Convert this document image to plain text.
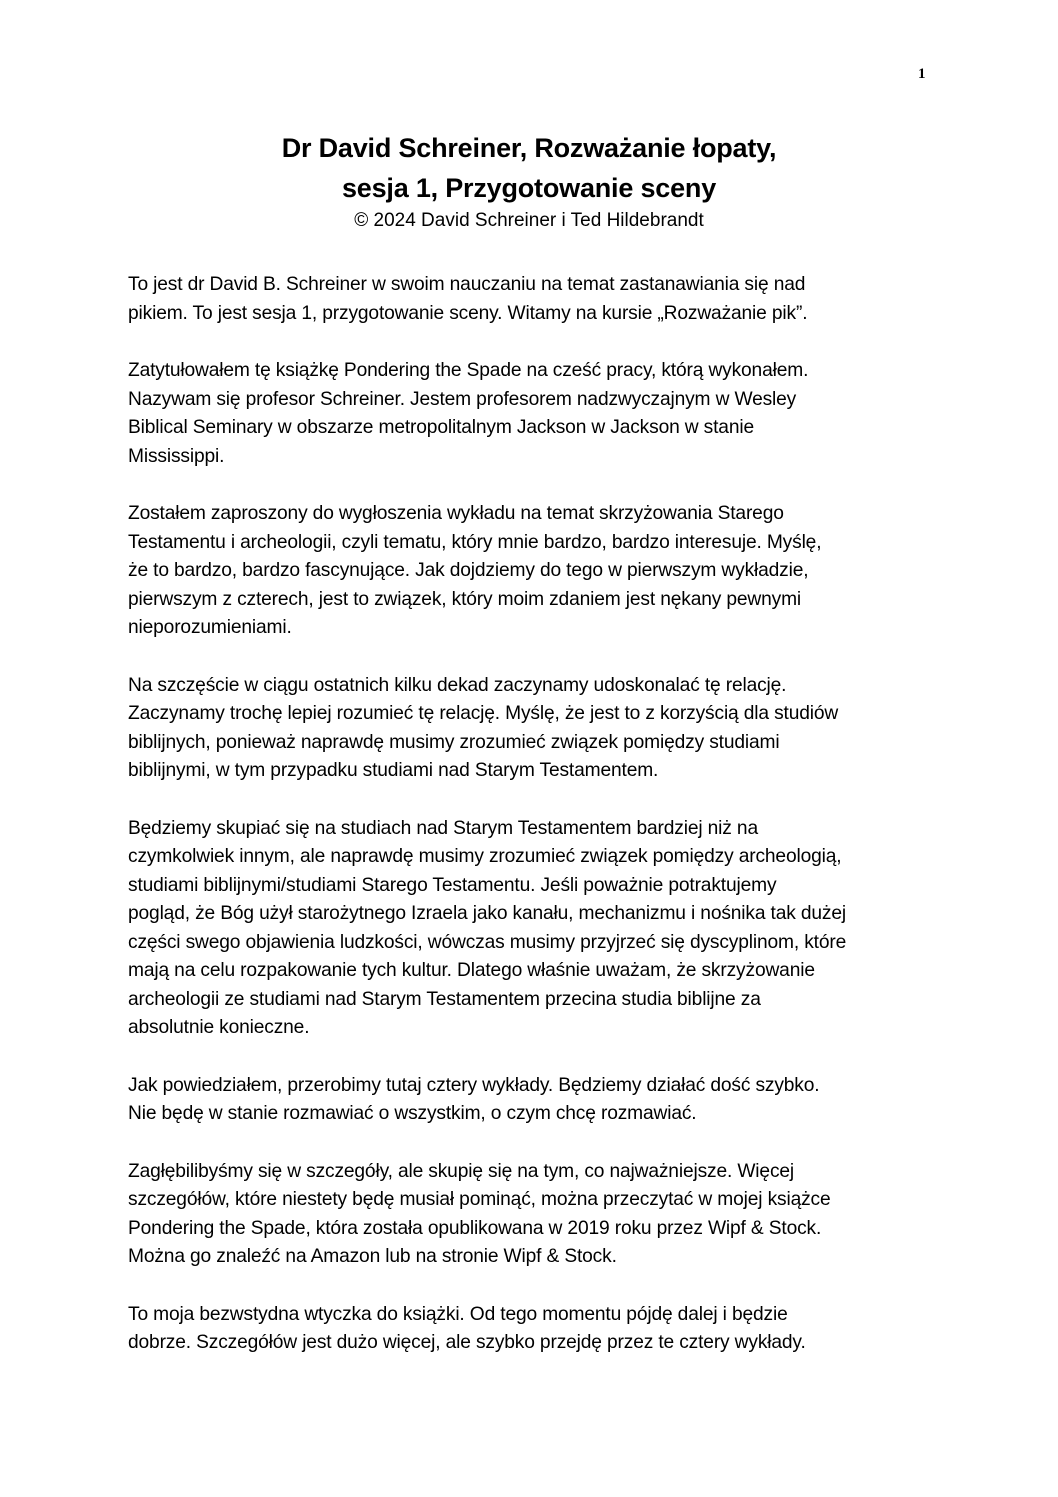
1
Dr David Schreiner, Rozważanie łopaty,
sesja 1, Przygotowanie sceny
© 2024 David Schreiner i Ted Hildebrandt
To jest dr David B. Schreiner w swoim nauczaniu na temat zastanawiania się nad
pikiem. To jest sesja 1, przygotowanie sceny. Witamy na kursie „Rozważanie pik”.
Zatytułowałem tę książkę Pondering the Spade na cześć pracy, którą wykonałem.
Nazywam się profesor Schreiner. Jestem profesorem nadzwyczajnym w Wesley
Biblical Seminary w obszarze metropolitalnym Jackson w Jackson w stanie
Mississippi.
Zostałem zaproszony do wygłoszenia wykładu na temat skrzyżowania Starego
Testamentu i archeologii, czyli tematu, który mnie bardzo, bardzo interesuje. Myślę,
że to bardzo, bardzo fascynujące. Jak dojdziemy do tego w pierwszym wykładzie,
pierwszym z czterech, jest to związek, który moim zdaniem jest nękany pewnymi
nieporozumieniami.
Na szczęście w ciągu ostatnich kilku dekad zaczynamy udoskonalać tę relację.
Zaczynamy trochę lepiej rozumieć tę relację. Myślę, że jest to z korzyścią dla studiów
biblijnych, ponieważ naprawdę musimy zrozumieć związek pomiędzy studiami
biblijnymi, w tym przypadku studiami nad Starym Testamentem.
Będziemy skupiać się na studiach nad Starym Testamentem bardziej niż na
czymkolwiek innym, ale naprawdę musimy zrozumieć związek pomiędzy archeologią,
studiami biblijnymi/studiami Starego Testamentu. Jeśli poważnie potraktujemy
pogląd, że Bóg użył starożytnego Izraela jako kanału, mechanizmu i nośnika tak dużej
części swego objawienia ludzkości, wówczas musimy przyjrzeć się dyscyplinom, które
mają na celu rozpakowanie tych kultur. Dlatego właśnie uważam, że skrzyżowanie
archeologii ze studiami nad Starym Testamentem przecina studia biblijne za
absolutnie konieczne.
Jak powiedziałem, przerobimy tutaj cztery wykłady. Będziemy działać dość szybko.
Nie będę w stanie rozmawiać o wszystkim, o czym chcę rozmawiać.
Zagłębilibyśmy się w szczegóły, ale skupię się na tym, co najważniejsze. Więcej
szczegółów, które niestety będę musiał pominąć, można przeczytać w mojej książce
Pondering the Spade, która została opublikowana w 2019 roku przez Wipf & Stock.
Można go znaleźć na Amazon lub na stronie Wipf & Stock.
To moja bezwstydna wtyczka do książki. Od tego momentu pójdę dalej i będzie
dobrze. Szczegółów jest dużo więcej, ale szybko przejdę przez te cztery wykłady.
